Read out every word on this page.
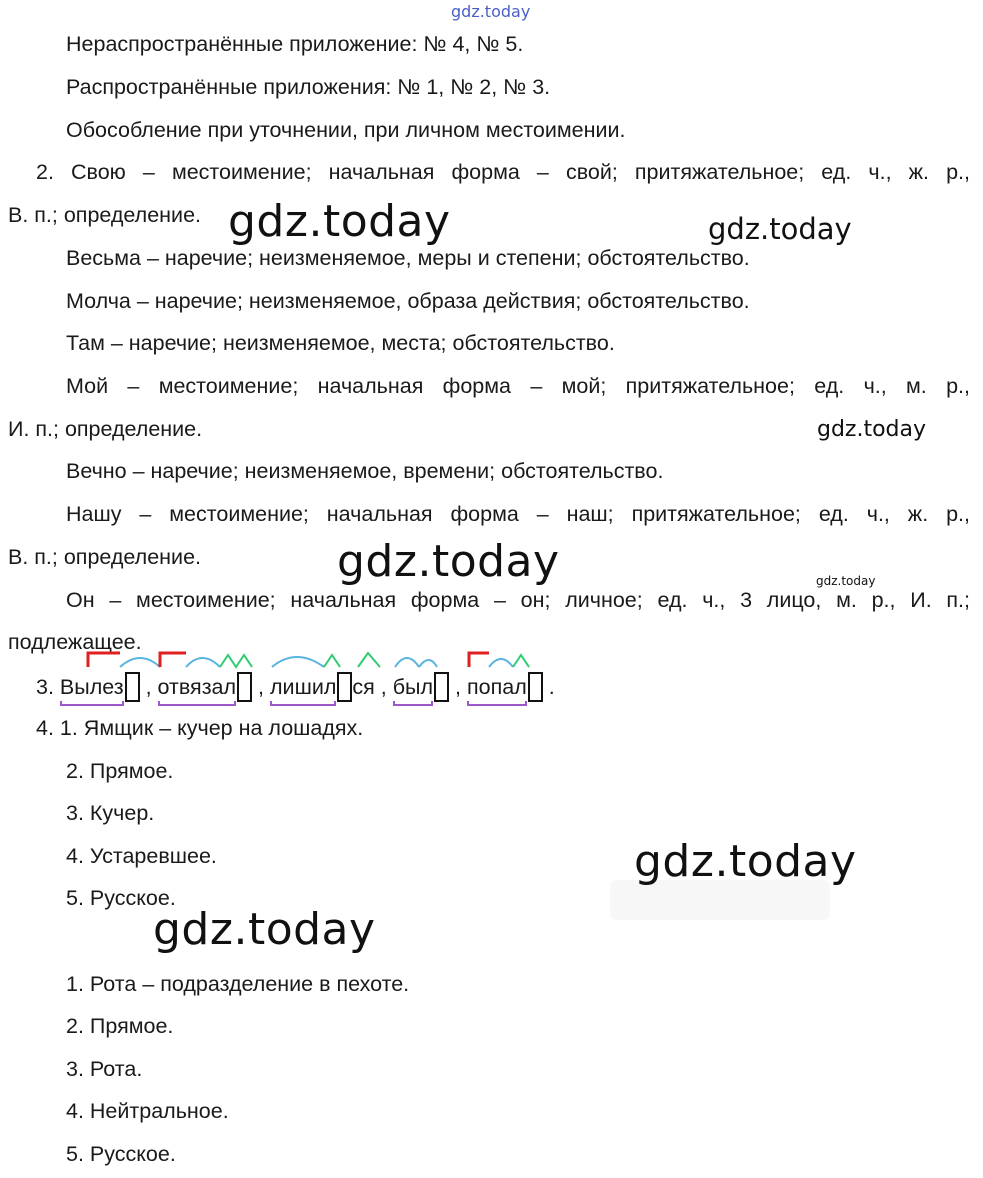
gdz.today
gdz.today	gdz.today
gdz.today
gdz.today	gdz.today
gdz.today
gdz.today
Нераспространённые приложение: № 4, № 5.
Распространённые приложения: № 1, № 2, № 3.
Обособление при уточнении, при личном местоимении.
2. Свою – местоимение; начальная форма – свой; притяжательное; ед. ч., ж. р.,
В. п.; определение.
Весьма – наречие; неизменяемое, меры и степени; обстоятельство.
Молча – наречие; неизменяемое, образа действия; обстоятельство.
Там – наречие; неизменяемое, места; обстоятельство.
Мой – местоимение; начальная форма – мой; притяжательное; ед. ч., м. р.,
И. п.; определение.
Вечно – наречие; неизменяемое, времени; обстоятельство.
Нашу – местоимение; начальная форма – наш; притяжательное; ед. ч., ж. р.,
В. п.; определение.
Он – местоимение; начальная форма – он; личное; ед. ч., 3 лицо, м. р., И. п.;
подлежащее.
3.
Вылез , отвязал , лишил ся , был , попал .
4. 1. Ямщик – кучер на лошадях.
2. Прямое.
3. Кучер.
4. Устаревшее.
5. Русское.
1. Рота – подразделение в пехоте.
2. Прямое.
3. Рота.
4. Нейтральное.
5. Русское.
